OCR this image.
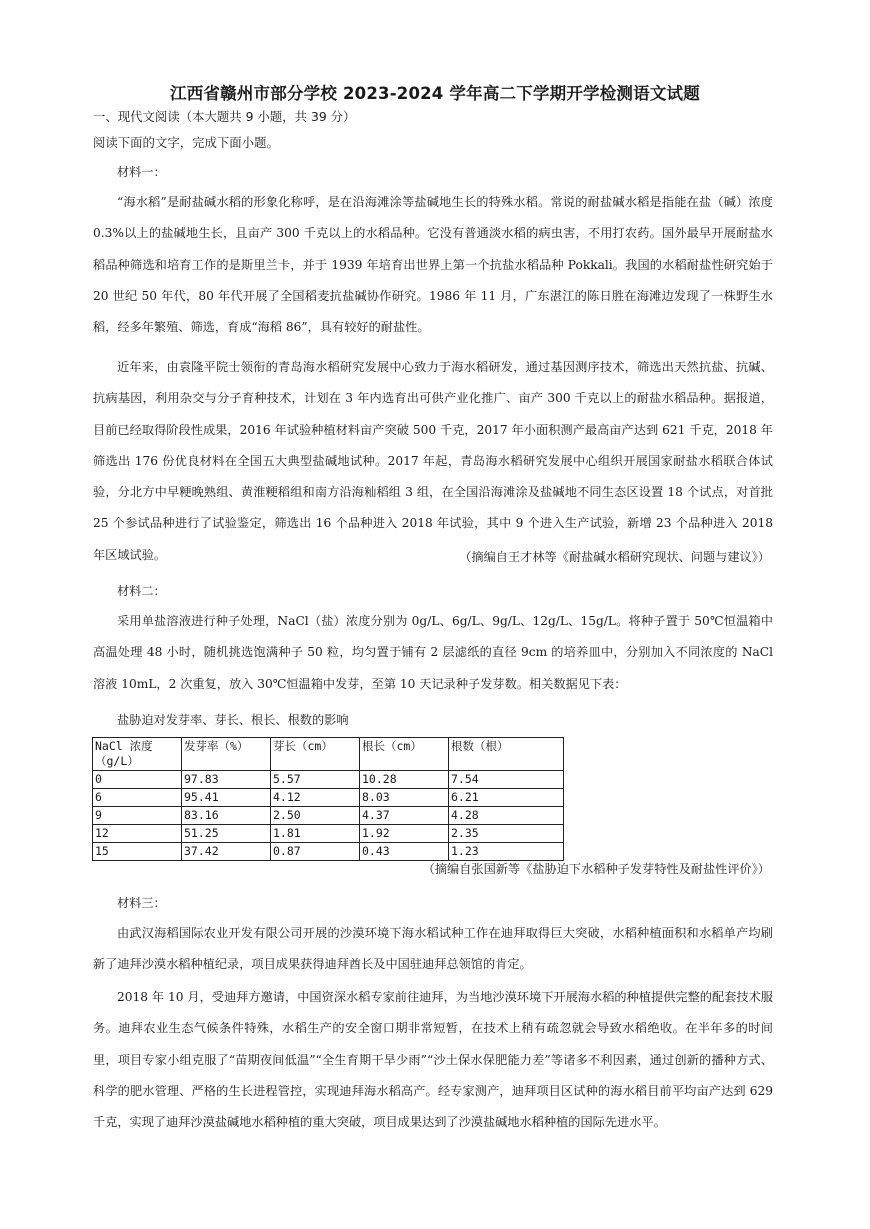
江西省赣州市部分学校 2023-2024 学年高二下学期开学检测语文试题
一、现代文阅读（本大题共 9 小题，共 39 分）
阅读下面的文字，完成下面小题。
材料一：
“海水稻”是耐盐碱水稻的形象化称呼，是在沿海滩涂等盐碱地生长的特殊水稻。常说的耐盐碱水稻是指能在盐（碱）浓度0.3%以上的盐碱地生长，且亩产 300 千克以上的水稻品种。它没有普通淡水稻的病虫害，不用打农药。国外最早开展耐盐水稻品种筛选和培育工作的是斯里兰卡，并于 1939 年培育出世界上第一个抗盐水稻品种 Pokkali。我国的水稻耐盐性研究始于 20 世纪 50 年代，80 年代开展了全国稻麦抗盐碱协作研究。1986 年 11 月，广东湛江的陈日胜在海滩边发现了一株野生水稻，经多年繁殖、筛选，育成“海稻 86”，具有较好的耐盐性。
近年来，由袁隆平院士领衔的青岛海水稻研究发展中心致力于海水稻研发，通过基因测序技术，筛选出天然抗盐、抗碱、抗病基因，利用杂交与分子育种技术，计划在 3 年内选育出可供产业化推广、亩产 300 千克以上的耐盐水稻品种。据报道，目前已经取得阶段性成果，2016 年试验种植材料亩产突破 500 千克，2017 年小面积测产最高亩产达到 621 千克，2018 年筛选出 176 份优良材料在全国五大典型盐碱地试种。2017 年起，青岛海水稻研究发展中心组织开展国家耐盐水稻联合体试验，分北方中早粳晚熟组、黄淮粳稻组和南方沿海籼稻组 3 组，在全国沿海滩涂及盐碱地不同生态区设置 18 个试点，对首批 25 个参试品种进行了试验鉴定，筛选出 16 个品种进入 2018 年试验，其中 9 个进入生产试验，新增 23 个品种进入 2018 年区域试验。	（摘编自王才林等《耐盐碱水稻研究现状、问题与建议》）
材料二：
采用单盐溶液进行种子处理，NaCl（盐）浓度分别为 0g/L、6g/L、9g/L、12g/L、15g/L。将种子置于 50℃恒温箱中高温处理 48 小时，随机挑选饱满种子 50 粒，均匀置于铺有 2 层滤纸的直径 9cm 的培养皿中，分别加入不同浓度的 NaCl 溶液 10mL，2 次重复，放入 30℃恒温箱中发芽，至第 10 天记录种子发芽数。相关数据见下表：
盐胁迫对发芽率、芽长、根长、根数的影响
NaCl 浓度（g/L）	发芽率（%）	芽长（cm）	根长（cm）	根数（根）
0	97.83	5.57	10.28	7.54
6	95.41	4.12	8.03	6.21
9	83.16	2.50	4.37	4.28
12	51.25	1.81	1.92	2.35
15	37.42	0.87	0.43	1.23
（摘编自张国新等《盐胁迫下水稻种子发芽特性及耐盐性评价》）
材料三：
由武汉海稻国际农业开发有限公司开展的沙漠环境下海水稻试种工作在迪拜取得巨大突破，水稻种植面积和水稻单产均刷新了迪拜沙漠水稻种植纪录，项目成果获得迪拜酋长及中国驻迪拜总领馆的肯定。
2018 年 10 月，受迪拜方邀请，中国资深水稻专家前往迪拜，为当地沙漠环境下开展海水稻的种植提供完整的配套技术服务。迪拜农业生态气候条件特殊，水稻生产的安全窗口期非常短暂，在技术上稍有疏忽就会导致水稻绝收。在半年多的时间里，项目专家小组克服了“苗期夜间低温”“全生育期干旱少雨”“沙土保水保肥能力差”等诸多不利因素，通过创新的播种方式、科学的肥水管理、严格的生长进程管控，实现迪拜海水稻高产。经专家测产，迪拜项目区试种的海水稻目前平均亩产达到 629 千克，实现了迪拜沙漠盐碱地水稻种植的重大突破，项目成果达到了沙漠盐碱地水稻种植的国际先进水平。
